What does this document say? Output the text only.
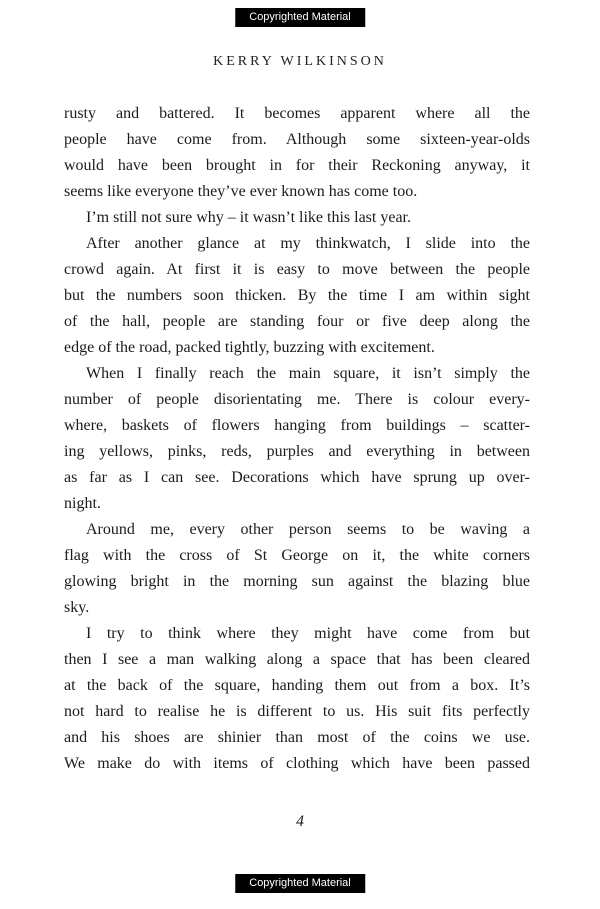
Copyrighted Material
KERRY WILKINSON
rusty and battered. It becomes apparent where all the
people have come from. Although some sixteen-year-olds
would have been brought in for their Reckoning anyway, it
seems like everyone they’ve ever known has come too.
I’m still not sure why – it wasn’t like this last year.
After another glance at my thinkwatch, I slide into the
crowd again. At first it is easy to move between the people
but the numbers soon thicken. By the time I am within sight
of the hall, people are standing four or five deep along the
edge of the road, packed tightly, buzzing with excitement.
When I finally reach the main square, it isn’t simply the
number of people disorientating me. There is colour every-
where, baskets of flowers hanging from buildings – scatter-
ing yellows, pinks, reds, purples and everything in between
as far as I can see. Decorations which have sprung up over-
night.
Around me, every other person seems to be waving a
flag with the cross of St George on it, the white corners
glowing bright in the morning sun against the blazing blue
sky.
I try to think where they might have come from but
then I see a man walking along a space that has been cleared
at the back of the square, handing them out from a box. It’s
not hard to realise he is different to us. His suit fits perfectly
and his shoes are shinier than most of the coins we use.
We make do with items of clothing which have been passed
4
Copyrighted Material
